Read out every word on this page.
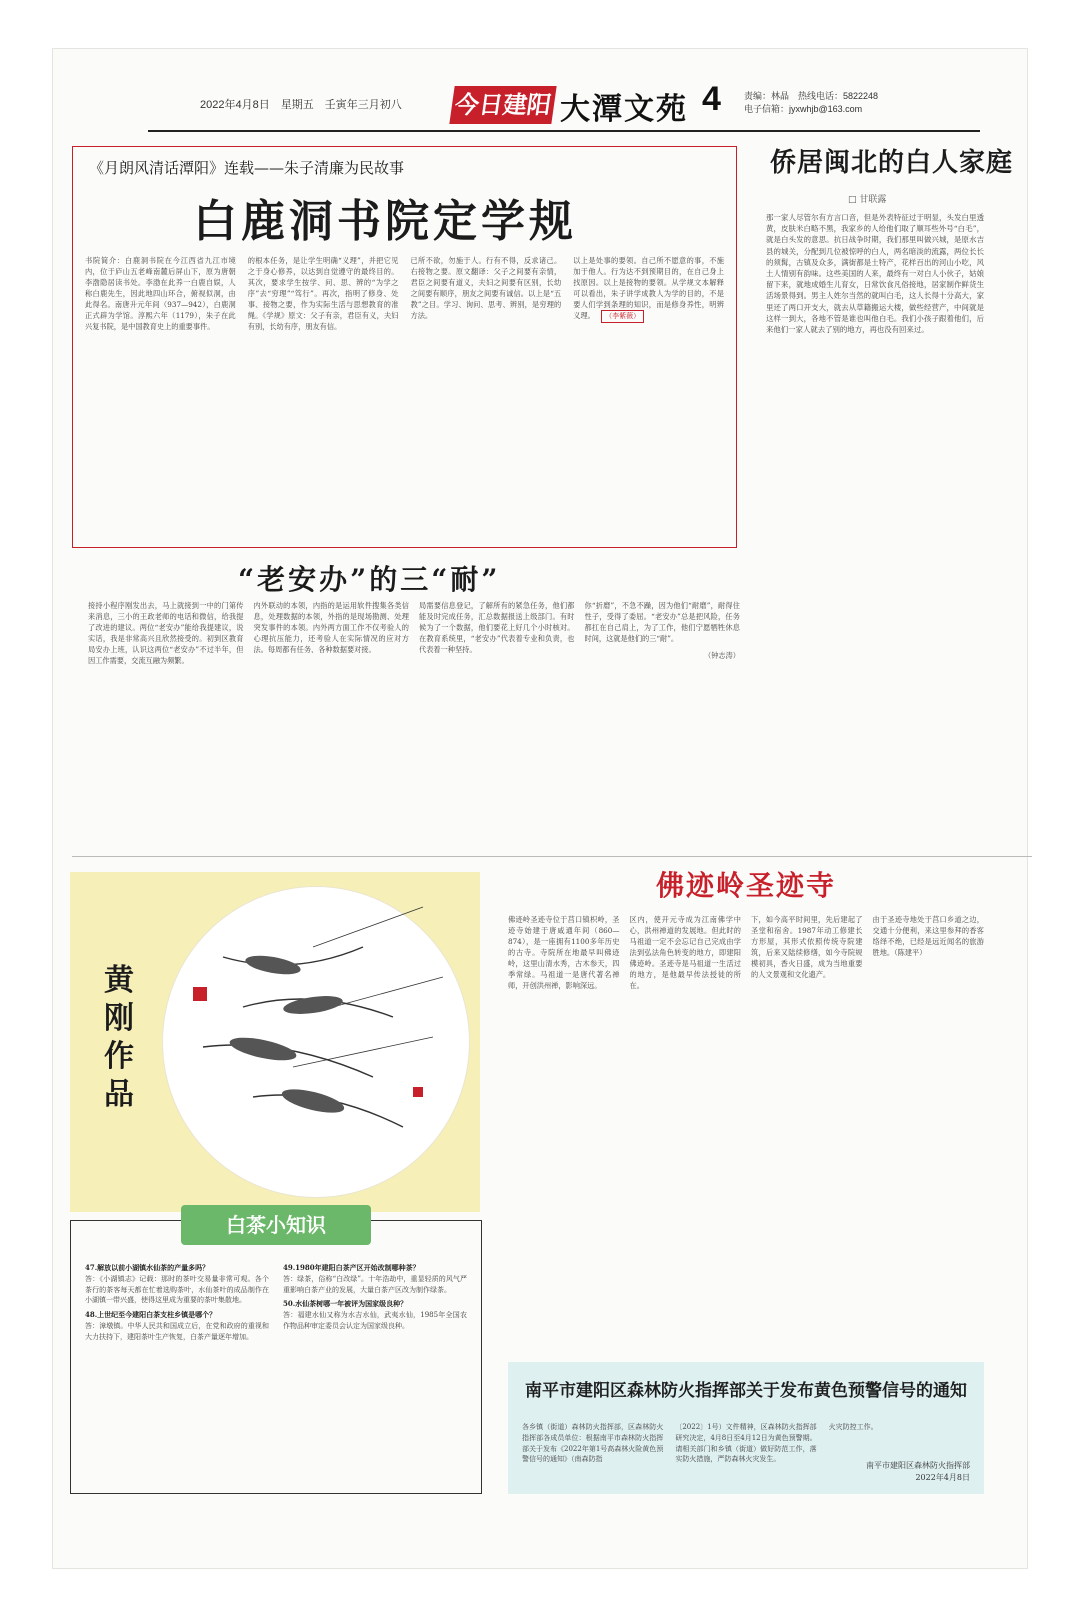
2022年4月8日　星期五　壬寅年三月初八 今日建阳 大潭文苑 4	责编：林晶　热线电话：5822248
电子信箱：jyxwhjb@163.com
《月朗风清话潭阳》连载——朱子清廉为民故事
白鹿洞书院定学规
书院简介：白鹿洞书院在今江西省九江市境内，位于庐山五老峰南麓后屏山下，原为唐朝李渤隐居读书处。李渤在此养一白鹿自娱，人称白鹿先生，因此地四山环合，俯视似洞，由此得名。南唐升元年间（937—942），白鹿洞正式辟为学馆。淳熙六年（1179），朱子在此兴复书院，是中国教育史上的重要事件。
的根本任务，是让学生明确“义理”，并把它见之于身心修养，以达到自觉遵守的最终目的。其次，要求学生按学、问、思、辨的“为学之序”去“穷理”“笃行”。再次，指明了修身、处事、接物之要，作为实际生活与思想教育的准绳。《学规》原文：父子有亲，君臣有义，夫妇有别，长幼有序，朋友有信。
已所不欲，勿施于人。行有不得，反求诸己。右接物之要。原文翻译：父子之间要有亲情，君臣之间要有道义，夫妇之间要有区别，长幼之间要有顺序，朋友之间要有诚信。以上是“五教”之目。学习、询问、思考、辨别，是穷理的方法。
以上是处事的要领。自己所不愿意的事，不施加于他人。行为达不到预期目的，在自己身上找原因。以上是接物的要领。从学规文本解释可以看出，朱子讲学成教人为学的目的，不是要人们学到条理的知识，而是修身养性，明辨义理。 （李紫薇）
侨居闽北的白人家庭
□ 甘联露
那一家人尽管尔有方言口音，但是外表特征过于明显，头发白里透黄，皮肤米白略不黑，我家乡的人给他们取了顺耳些外号“白毛”，就是白头发的意思。抗日战争时期，我们那里叫做兴城，是原水吉县的城关，分配到几位被惊呼的白人，两名暗淡的流露，两位长长的须髯，古镇及众多，满街都是土特产，花样百出的河山小吃，风土人情别有韵味。这些美国的人来，最终有一对白人小伙子，姑娘留下来，就地成婚生儿育女，日常饮食凡俗接地，居家制作鲜货生活场景得到。男主人姓尔当然的就叫白毛，这人长得十分高大，家里还了两口开支大，就去从草籍搬运大楼，做些经营产，中间就是这样一到大，各地不管是谁也叫他白毛。我们小孩子跟着他们，后来他们一家人就去了别的地方，再也没有回来过。
“老安办”的三“耐”
接持小程序刚发出去，马上就接到一中的门第传来消息，三小的王政老师的电话和微信，给我提了改进的建议。两位“老安办”能给我提建议，说实话，我是非常高兴且欣然接受的。初到区教育局安办上班，认识这两位“老安办”不过半年，但因工作需要，交流互融为频繁。
内外联动的本领，内指的是运用软件搜集各类信息，处理数据的本领，外指的是现场勘测、处理突发事件的本领。内外两方面工作不仅考验人的心理抗压能力，还考验人在实际情况的应对方法。每周都有任务、各种数据要对接。
局需要信息登记，了解所有的紧急任务，他们都能及时完成任务，汇总数据报送上级部门。有时候为了一个数据，他们要花上好几个小时核对。在教育系统里，“老安办”代表着专业和负责，也代表着一种坚持。
你“折磨”，不急不躁，因为他们“耐磨”，耐得住性子，受得了委屈。“老安办”总是把风险，任务都扛在自己肩上，为了工作，他们宁愿牺牲休息时间，这就是他们的三“耐”。
（钟志涛）
黄刚作品
佛迹岭圣迹寺
佛迹岭圣迹寺位于莒口镇枳岭，圣迹寺始建于唐咸通年间（860—874），是一座拥有1100多年历史的古寺。寺院所在地最早叫佛迹岭，这里山清水秀，古木参天，四季常绿。马祖道一是唐代著名禅师，开创洪州禅，影响深远。
区内，使开元寺成为江南佛学中心，洪州禅道的发展地。但此时的马祖道一定不会忘记自己完成由学法到弘法角色转变的地方，即建阳佛迹岭。圣迹寺是马祖道一生活过的地方，是他最早传法授徒的所在。
下，如今高平时间里，先后建起了圣堂和宿舍。1987年动工修建长方形屋，其形式依照传统寺院建筑，后来又陆续修缮，如今寺院规模初具，香火日盛，成为当地重要的人文景观和文化遗产。
由于圣迹寺地处于莒口乡道之边，交通十分便利，来这里参拜的香客络绎不绝，已经是远近闻名的旅游胜地。（陈建平）
白茶小知识
47.解放以前小湖镇水仙茶的产量多吗？
答：《小湖镇志》记载：那时的茶叶交易量非常可观。各个茶行的茶客每天都在忙着选购茶叶，水仙茶叶的成品制作在小湖镇一带兴盛，使得这里成为重要的茶叶集散地。
48.上世纪至今建阳白茶支柱乡镇是哪个？
答：漳墩镇。中华人民共和国成立后，在党和政府的重视和大力扶持下，建阳茶叶生产恢复，白茶产量逐年增加。
49.1980年建阳白茶产区开始改制哪种茶？
答：绿茶，俗称“白改绿”。十年浩劫中，重显轻质的风气严重影响白茶产业的发展，大量白茶产区改为制作绿茶。
50.水仙茶树哪一年被评为国家级良种？
答：福建水仙又称为水吉水仙，武夷水仙，1985年全国农作物品种审定委员会认定为国家级良种。
南平市建阳区森林防火指挥部关于发布黄色预警信号的通知
各乡镇（街道）森林防火指挥部，区森林防火指挥部各成员单位：根据南平市森林防火指挥部关于发布《2022年第1号高森林火险黄色预警信号的通知》（南森防指
〔2022〕1号）文件精神，区森林防火指挥部研究决定，4月8日至4月12日为黄色预警期。请相关部门和乡镇（街道）做好防范工作，落实防火措施，严防森林火灾发生。
火灾防控工作。
南平市建阳区森林防火指挥部
2022年4月8日
